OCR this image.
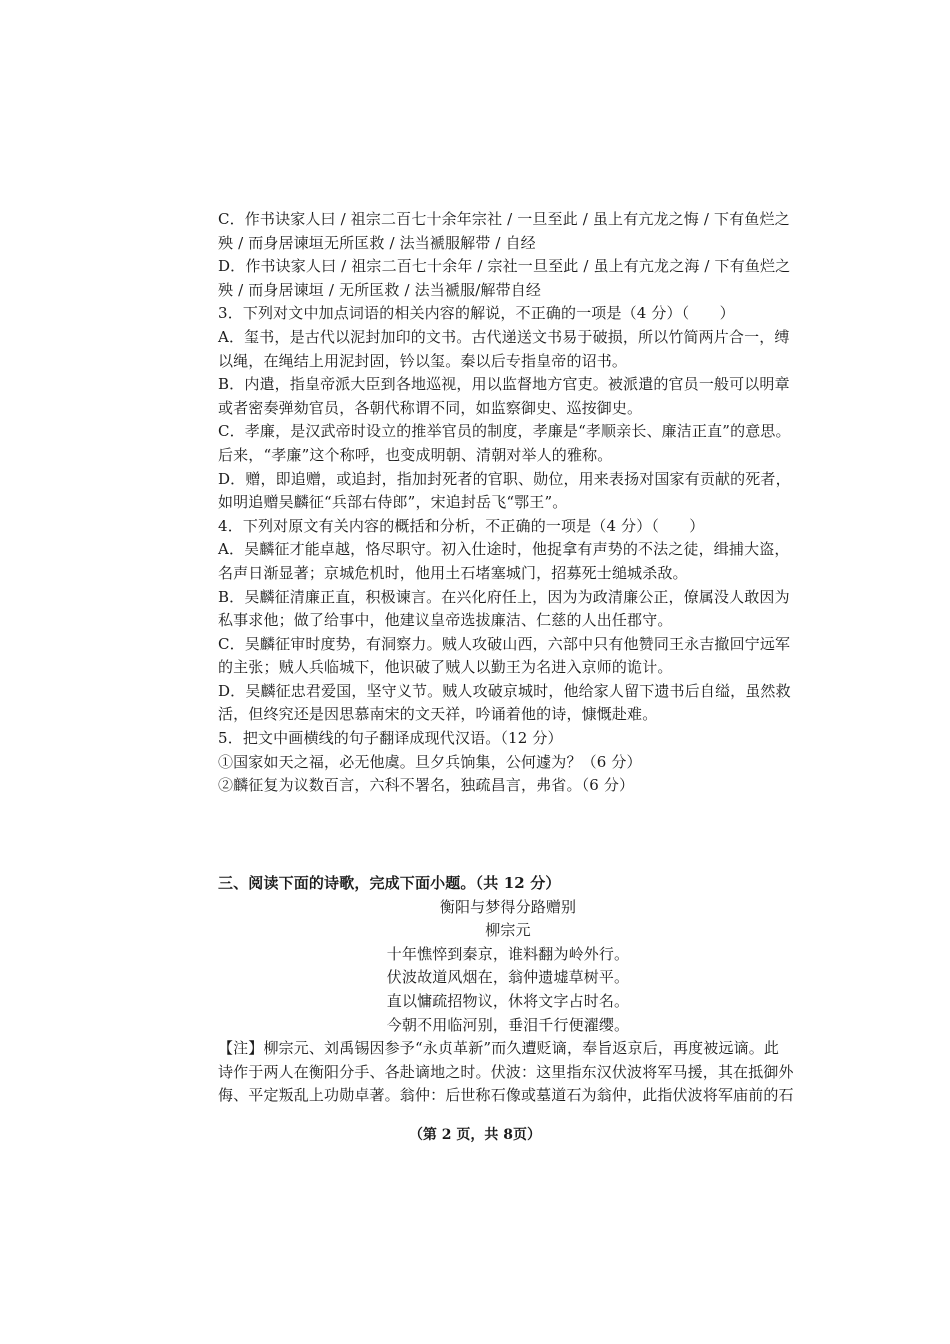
C．作书诀家人曰 / 祖宗二百七十余年宗社 / 一旦至此 / 虽上有亢龙之悔 / 下有鱼烂之
殃 / 而身居谏垣无所匡救 / 法当褫服解带 / 自经
D．作书诀家人曰 / 祖宗二百七十余年 / 宗社一旦至此 / 虽上有亢龙之海 / 下有鱼烂之
殃 / 而身居谏垣 / 无所匡救 / 法当褫服/解带自经
3．下列对文中加点词语的相关内容的解说，不正确的一项是（4 分）（　　）
A．玺书，是古代以泥封加印的文书。古代递送文书易于破损，所以竹简两片合一，缚
以绳，在绳结上用泥封固，钤以玺。秦以后专指皇帝的诏书。
B．内遣，指皇帝派大臣到各地巡视，用以监督地方官吏。被派遣的官员一般可以明章
或者密奏弹劾官员，各朝代称谓不同，如监察御史、巡按御史。
C．孝廉，是汉武帝时设立的推举官员的制度，孝廉是“孝顺亲长、廉洁正直”的意思。
后来，“孝廉”这个称呼，也变成明朝、清朝对举人的雅称。
D．赠，即追赠，或追封，指加封死者的官职、勋位，用来表扬对国家有贡献的死者，
如明追赠吴麟征“兵部右侍郎”，宋追封岳飞“鄂王”。
4．下列对原文有关内容的概括和分析，不正确的一项是（4 分）（　　）
A．吴麟征才能卓越，恪尽职守。初入仕途时，他捉拿有声势的不法之徒，缉捕大盗，
名声日渐显著；京城危机时，他用土石堵塞城门，招募死士缒城杀敌。
B．吴麟征清廉正直，积极谏言。在兴化府任上，因为为政清廉公正，僚属没人敢因为
私事求他；做了给事中，他建议皇帝选拔廉洁、仁慈的人出任郡守。
C．吴麟征审时度势，有洞察力。贼人攻破山西，六部中只有他赞同王永吉撤回宁远军
的主张；贼人兵临城下，他识破了贼人以勤王为名进入京师的诡计。
D．吴麟征忠君爱国，坚守义节。贼人攻破京城时，他给家人留下遗书后自缢，虽然救
活，但终究还是因思慕南宋的文天祥，吟诵着他的诗，慷慨赴难。
5．把文中画横线的句子翻译成现代汉语。（12 分）
①国家如天之福，必无他虞。旦夕兵饷集，公何遽为？（6 分）
②麟征复为议数百言，六科不署名，独疏昌言，弗省。（6 分）
三、阅读下面的诗歌，完成下面小题。（共 12 分）
衡阳与梦得分路赠别
柳宗元
十年憔悴到秦京，谁料翻为岭外行。
伏波故道风烟在，翁仲遗墟草树平。
直以慵疏招物议，休将文字占时名。
今朝不用临河别，垂泪千行便濯缨。
【注】柳宗元、刘禹锡因参予“永贞革新”而久遭贬谪，奉旨返京后，再度被远谪。此
诗作于两人在衡阳分手、各赴谪地之时。伏波：这里指东汉伏波将军马援，其在抵御外
侮、平定叛乱上功勋卓著。翁仲：后世称石像或墓道石为翁仲，此指伏波将军庙前的石
（第 2 页，共 8页）
